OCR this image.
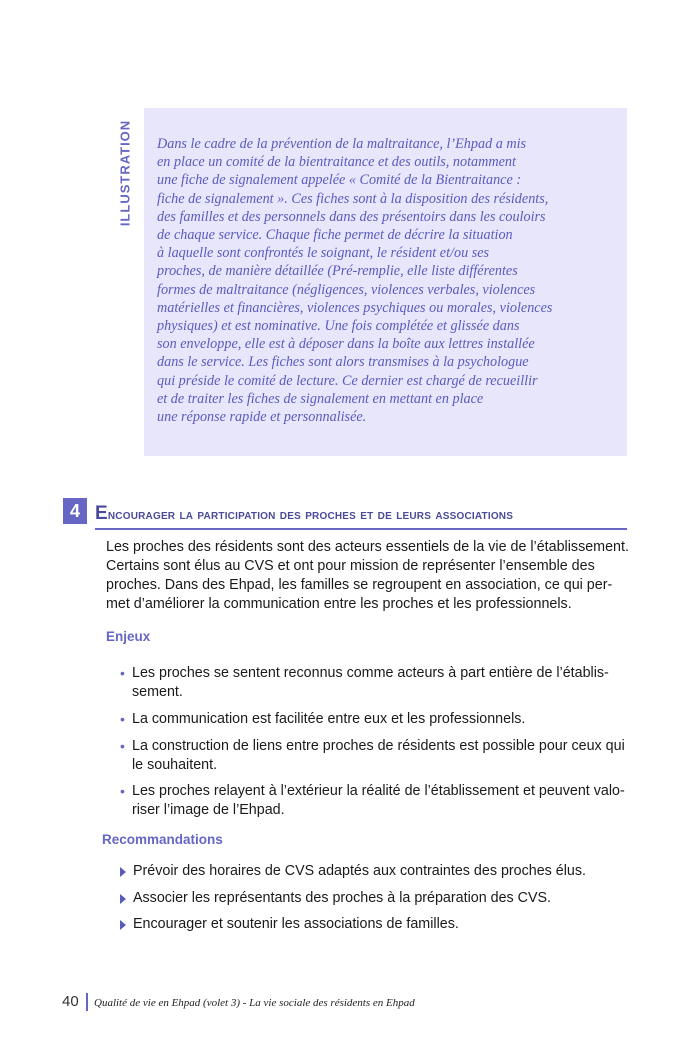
ILLUSTRATION Dans le cadre de la prévention de la maltraitance, l’Ehpad a mis
en place un comité de la bientraitance et des outils, notamment
une fiche de signalement appelée « Comité de la Bientraitance :
fiche de signalement ». Ces fiches sont à la disposition des résidents,
des familles et des personnels dans des présentoirs dans les couloirs
de chaque service. Chaque fiche permet de décrire la situation
à laquelle sont confrontés le soignant, le résident et/ou ses
proches, de manière détaillée (Pré-remplie, elle liste différentes
formes de maltraitance (négligences, violences verbales, violences
matérielles et financières, violences psychiques ou morales, violences
physiques) et est nominative. Une fois complétée et glissée dans
son enveloppe, elle est à déposer dans la boîte aux lettres installée
dans le service. Les fiches sont alors transmises à la psychologue
qui préside le comité de lecture. Ce dernier est chargé de recueillir
et de traiter les fiches de signalement en mettant en place
une réponse rapide et personnalisée.
4 Encourager la participation des proches et de leurs associations
Les proches des résidents sont des acteurs essentiels de la vie de l’établissement.
Certains sont élus au CVS et ont pour mission de représenter l’ensemble des
proches. Dans des Ehpad, les familles se regroupent en association, ce qui per-
met d’améliorer la communication entre les proches et les professionnels.
Enjeux
• Les proches se sentent reconnus comme acteurs à part entière de l’établis-
sement.
• La communication est facilitée entre eux et les professionnels.
• La construction de liens entre proches de résidents est possible pour ceux qui
le souhaitent.
• Les proches relayent à l’extérieur la réalité de l’établissement et peuvent valo-
riser l’image de l’Ehpad.
Recommandations
Prévoir des horaires de CVS adaptés aux contraintes des proches élus.
Associer les représentants des proches à la préparation des CVS.
Encourager et soutenir les associations de familles.
40 Qualité de vie en Ehpad (volet 3) - La vie sociale des résidents en Ehpad
